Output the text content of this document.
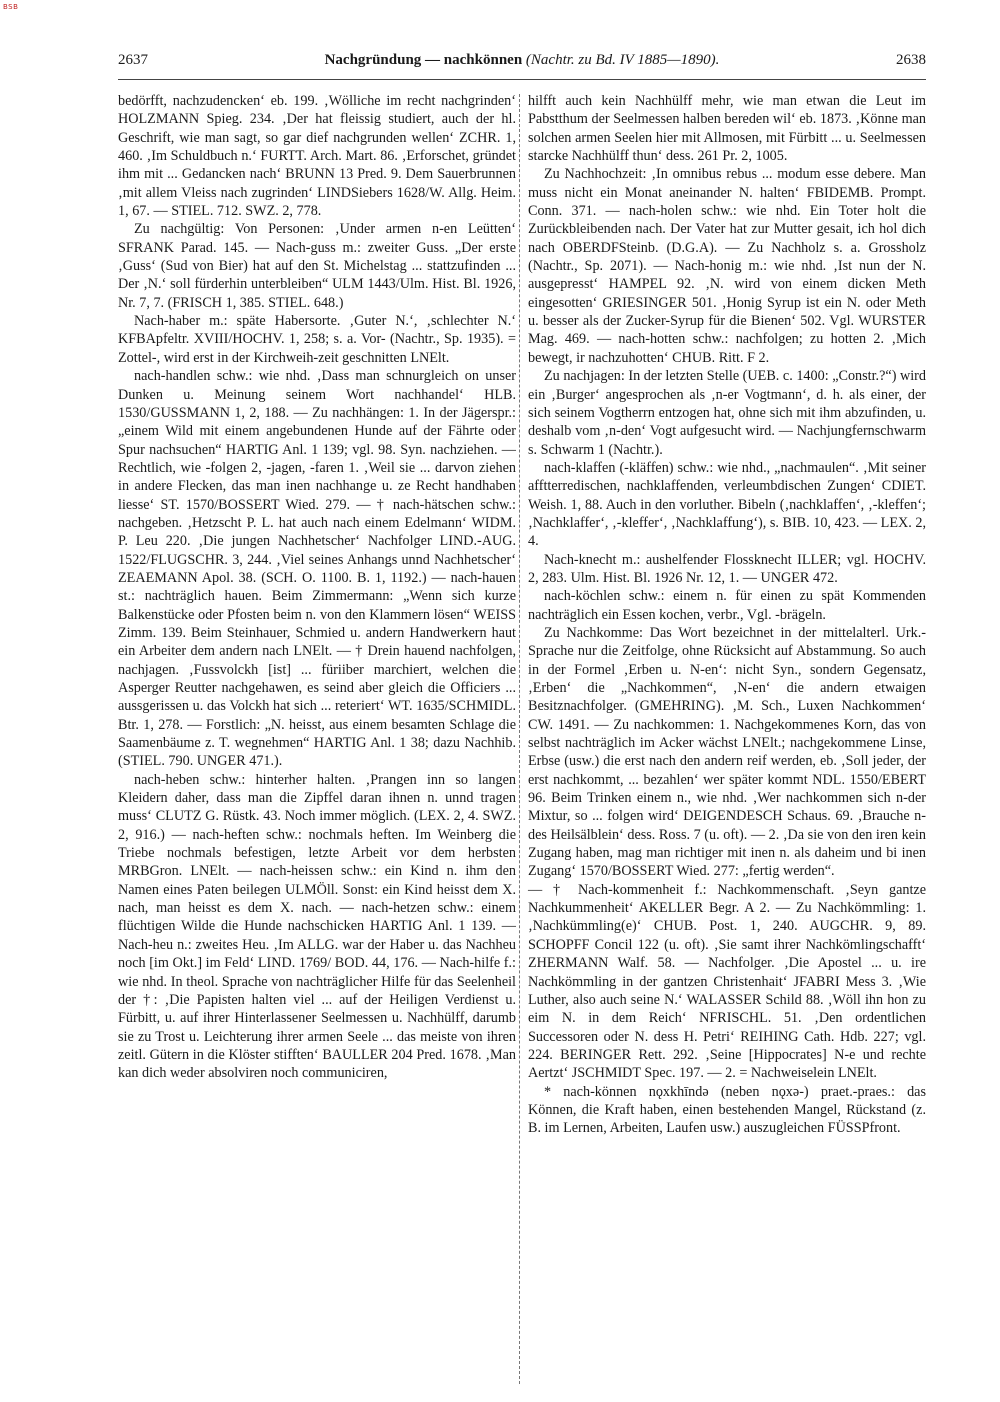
BSB
2637	Nachgründung — nachkönnen (Nachtr. zu Bd. IV 1885—1890).	2638

bedörfft, nachzudencken‘ eb. 199. ‚Wölliche im recht nachgrinden‘ HOLZMANN Spieg. 234. ‚Der hat fleissig studiert, auch der hl. Geschrift, wie man sagt, so gar dief nachgrunden wellen‘ ZCHR. 1, 460. ‚Im Schuldbuch n.‘ FURTT. Arch. Mart. 86. ‚Erforschet, gründet ihm mit ... Gedancken nach‘ BRUNN 13 Pred. 9. Dem Sauerbrunnen ‚mit allem Vleiss nach zugrinden‘ LINDSiebers 1628/W. Allg. Heim. 1, 67. — STIEL. 712. SWZ. 2, 778.

Zu nachgültig: Von Personen: ‚Under armen n-en Leütten‘ SFRANK Parad. 145. — Nach-guss m.: zweiter Guss. „Der erste ‚Guss‘ (Sud von Bier) hat auf den St. Michelstag ... stattzufinden ... Der ‚N.‘ soll fürderhin unterbleiben“ ULM 1443/Ulm. Hist. Bl. 1926, Nr. 7, 7. (FRISCH 1, 385. STIEL. 648.)

Nach-haber m.: späte Habersorte. ‚Guter N.‘, ‚schlechter N.‘ KFBApfeltr. XVIII/HOCHV. 1, 258; s. a. Vor- (Nachtr., Sp. 1935). = Zottel-, wird erst in der Kirchweih-zeit geschnitten LNElt.

nach-handlen schw.: wie nhd. ‚Dass man schnurgleich on unser Dunken u. Meinung seinem Wort nachhandel‘ HLB. 1530/GUSSMANN 1, 2, 188. — Zu nachhängen: 1. In der Jägerspr.: „einem Wild mit einem angebundenen Hunde auf der Fährte oder Spur nachsuchen“ HARTIG Anl. 1 139; vgl. 98. Syn. nachziehen. — Rechtlich, wie -folgen 2, -jagen, -faren 1. ‚Weil sie ... darvon ziehen in andere Flecken, das man inen nachhange u. ze Recht handhaben liesse‘ ST. 1570/BOSSERT Wied. 279. — † nach-hätschen schw.: nachgeben. ‚Hetzscht P. L. hat auch nach einem Edelmann‘ WIDM. P. Leu 220. ‚Die jungen Nachhetscher‘ Nachfolger LIND.-AUG. 1522/FLUGSCHR. 3, 244. ‚Viel seines Anhangs unnd Nachhetscher‘ ZEAEMANN Apol. 38. (SCH. O. 1100. B. 1, 1192.) — nach-hauen st.: nachträglich hauen. Beim Zimmermann: „Wenn sich kurze Balkenstücke oder Pfosten beim n. von den Klammern lösen“ WEISS Zimm. 139. Beim Steinhauer, Schmied u. andern Handwerkern haut ein Arbeiter dem andern nach LNElt. — † Drein hauend nachfolgen, nachjagen. ‚Fussvolckh [ist] ... füriiber marchiert, welchen die Asperger Reutter nachgehawen, es seind aber gleich die Officiers ... aussgerissen u. das Volckh hat sich ... reteriert‘ WT. 1635/SCHMIDL. Btr. 1, 278. — Forstlich: „N. heisst, aus einem besamten Schlage die Saamenbäume z. T. wegnehmen“ HARTIG Anl. 1 38; dazu Nachhib. (STIEL. 790. UNGER 471.).

nach-heben schw.: hinterher halten. ‚Prangen inn so langen Kleidern daher, dass man die Zipffel daran ihnen n. unnd tragen muss‘ CLUTZ G. Rüstk. 43. Noch immer möglich. (LEX. 2, 4. SWZ. 2, 916.) — nach-heften schw.: nochmals heften. Im Weinberg die Triebe nochmals befestigen, letzte Arbeit vor dem herbsten MRBGron. LNElt. — nach-heissen schw.: ein Kind n. ihm den Namen eines Paten beilegen ULMÖll. Sonst: ein Kind heisst dem X. nach, man heisst es dem X. nach. — nach-hetzen schw.: einem flüchtigen Wilde die Hunde nachschicken HARTIG Anl. 1 139. — Nach-heu n.: zweites Heu. ‚Im ALLG. war der Haber u. das Nachheu noch [im Okt.] im Feld‘ LIND. 1769/ BOD. 44, 176. — Nach-hilfe f.: wie nhd. In theol. Sprache von nachträglicher Hilfe für das Seelenheil der †: ‚Die Papisten halten viel ... auf der Heiligen Verdienst u. Fürbitt, u. auf ihrer Hinterlassener Seelmessen u. Nachhülff, darumb sie zu Trost u. Leichterung ihrer armen Seele ... das meiste von ihren zeitl. Gütern in die Klöster stifften‘ BAULLER 204 Pred. 1678. ‚Man kan dich weder absolviren noch communiciren,

hilfft auch kein Nachhülff mehr, wie man etwan die Leut im Pabstthum der Seelmessen halben bereden wil‘ eb. 1873. ‚Könne man solchen armen Seelen hier mit Allmosen, mit Fürbitt ... u. Seelmessen starcke Nachhülff thun‘ dess. 261 Pr. 2, 1005.

Zu Nachhochzeit: ‚In omnibus rebus ... modum esse debere. Man muss nicht ein Monat aneinander N. halten‘ FBIDEMB. Prompt. Conn. 371. — nach-holen schw.: wie nhd. Ein Toter holt die Zurückbleibenden nach. Der Vater hat zur Mutter gesait, ich hol dich nach OBERDFSteinb. (D.G.A). — Zu Nachholz s. a. Grossholz (Nachtr., Sp. 2071). — Nach-honig m.: wie nhd. ‚Ist nun der N. ausgepresst‘ HAMPEL 92. ‚N. wird von einem dicken Meth eingesotten‘ GRIESINGER 501. ‚Honig Syrup ist ein N. oder Meth u. besser als der Zucker-Syrup für die Bienen‘ 502. Vgl. WURSTER Mag. 469. — nach-hotten schw.: nachfolgen; zu hotten 2. ‚Mich bewegt, ir nachzuhotten‘ CHUB. Ritt. F 2.

Zu nachjagen: In der letzten Stelle (UEB. c. 1400: „Constr.?“) wird ein ‚Burger‘ angesprochen als ‚n-er Vogtmann‘, d. h. als einer, der sich seinem Vogtherrn entzogen hat, ohne sich mit ihm abzufinden, u. deshalb vom ‚n-den‘ Vogt aufgesucht wird. — Nachjungfernschwarm s. Schwarm 1 (Nachtr.).

nach-klaffen (-kläffen) schw.: wie nhd., „nachmaulen“. ‚Mit seiner afftterredischen, nachklaffenden, verleumbdischen Zungen‘ CDIET. Weish. 1, 88. Auch in den vorluther. Bibeln (‚nachklaffen‘, ‚-kleffen‘; ‚Nachklaffer‘, ‚-kleffer‘, ‚Nachklaffung‘), s. BIB. 10, 423. — LEX. 2, 4.

Nach-knecht m.: aushelfender Flossknecht ILLER; vgl. HOCHV. 2, 283. Ulm. Hist. Bl. 1926 Nr. 12, 1. — UNGER 472.

nach-köchlen schw.: einem n. für einen zu spät Kommenden nachträglich ein Essen kochen, verbr., Vgl. -brägeln.

Zu Nachkomme: Das Wort bezeichnet in der mittelalterl. Urk.-Sprache nur die Zeitfolge, ohne Rücksicht auf Abstammung. So auch in der Formel ‚Erben u. N-en‘: nicht Syn., sondern Gegensatz, ‚Erben‘ die „Nachkommen“, ‚N-en‘ die andern etwaigen Besitznachfolger. (GMEHRING). ‚M. Sch., Luxen Nachkommen‘ CW. 1491. — Zu nachkommen: 1. Nachgekommenes Korn, das von selbst nachträglich im Acker wächst LNElt.; nachgekommene Linse, Erbse (usw.) die erst nach den andern reif werden, eb. ‚Soll jeder, der erst nachkommt, ... bezahlen‘ wer später kommt NDL. 1550/EBERT 96. Beim Trinken einem n., wie nhd. ‚Wer nachkommen sich n-der Mixtur, so ... folgen wird‘ DEIGENDESCH Schaus. 69. ‚Brauche n-des Heilsälblein‘ dess. Ross. 7 (u. oft). — 2. ‚Da sie von den iren kein Zugang haben, mag man richtiger mit inen n. als daheim und bi inen Zugang‘ 1570/BOSSERT Wied. 277: „fertig werden“.

— † Nach-kommenheit f.: Nachkommenschaft. ‚Seyn gantze Nachkummenheit‘ AKELLER Begr. A 2. — Zu Nachkömmling: 1. ‚Nachkümmling(e)‘ CHUB. Post. 1, 240. AUGCHR. 9, 89. SCHOPFF Concil 122 (u. oft). ‚Sie samt ihrer Nachkömlingschafft‘ ZHERMANN Walf. 58. — Nachfolger. ‚Die Apostel ... u. ire Nachkömmling in der gantzen Christenhait‘ JFABRI Mess 3. ‚Wie Luther, also auch seine N.‘ WALASSER Schild 88. ‚Wöll ihn hon zu eim N. in dem Reich‘ NFRISCHL. 51. ‚Den ordentlichen Successoren oder N. dess H. Petri‘ REIHING Cath. Hdb. 227; vgl. 224. BERINGER Rett. 292. ‚Seine [Hippocrates] N-e und rechte Aertzt‘ JSCHMIDT Spec. 197. — 2. = Nachweiselein LNElt.

* nach-können nǫxkhīndə (neben nǫxə-) praet.-praes.: das Können, die Kraft haben, einen bestehenden Mangel, Rückstand (z. B. im Lernen, Arbeiten, Laufen usw.) auszugleichen FÜSSPfront.
